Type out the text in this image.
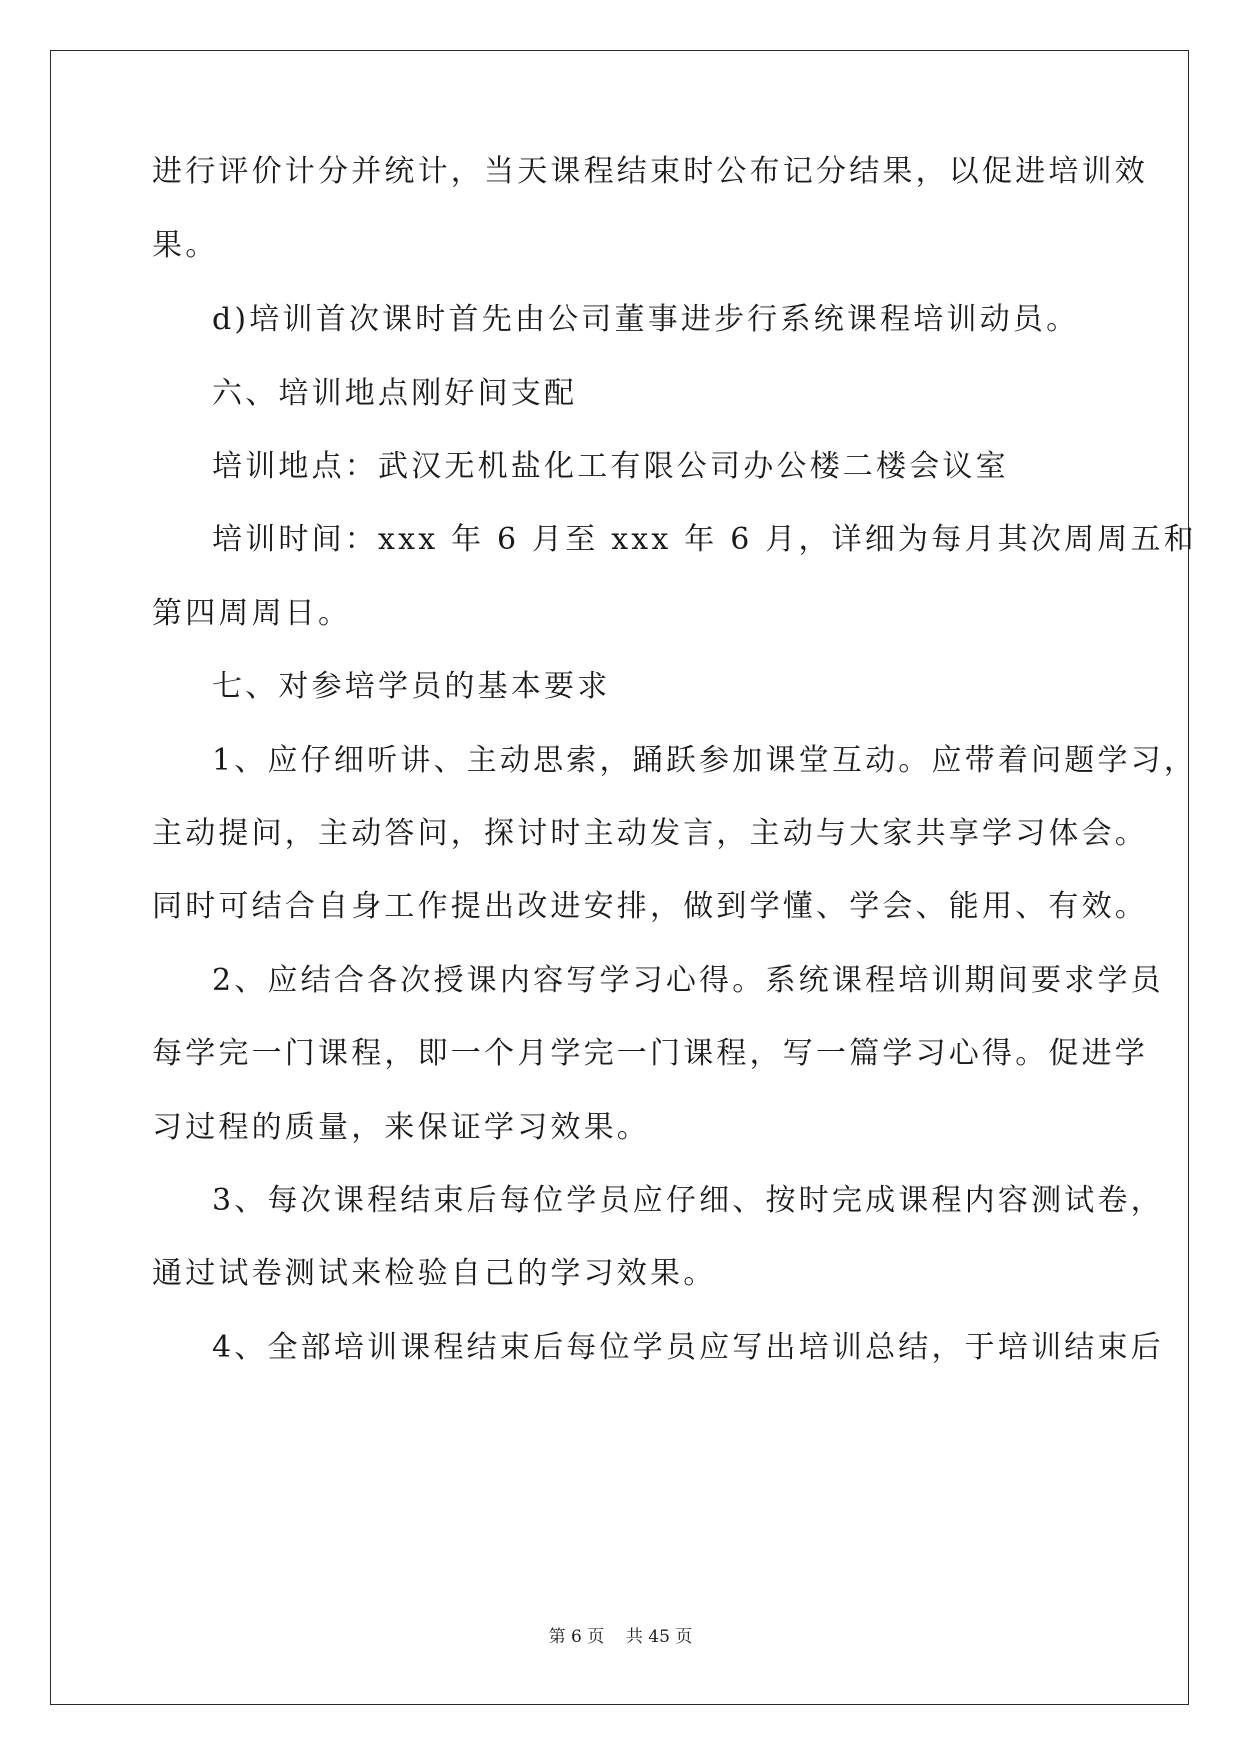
进行评价计分并统计，当天课程结束时公布记分结果，以促进培训效
果。
d)培训首次课时首先由公司董事进步行系统课程培训动员。
六、培训地点刚好间支配
培训地点：武汉无机盐化工有限公司办公楼二楼会议室
培训时间：xxx 年 6 月至 xxx 年 6 月，详细为每月其次周周五和
第四周周日。
七、对参培学员的基本要求
1、应仔细听讲、主动思索，踊跃参加课堂互动。应带着问题学习，
主动提问，主动答问，探讨时主动发言，主动与大家共享学习体会。
同时可结合自身工作提出改进安排，做到学懂、学会、能用、有效。
2、应结合各次授课内容写学习心得。系统课程培训期间要求学员
每学完一门课程，即一个月学完一门课程，写一篇学习心得。促进学
习过程的质量，来保证学习效果。
3、每次课程结束后每位学员应仔细、按时完成课程内容测试卷，
通过试卷测试来检验自己的学习效果。
4、全部培训课程结束后每位学员应写出培训总结，于培训结束后
第 6 页    共 45 页
